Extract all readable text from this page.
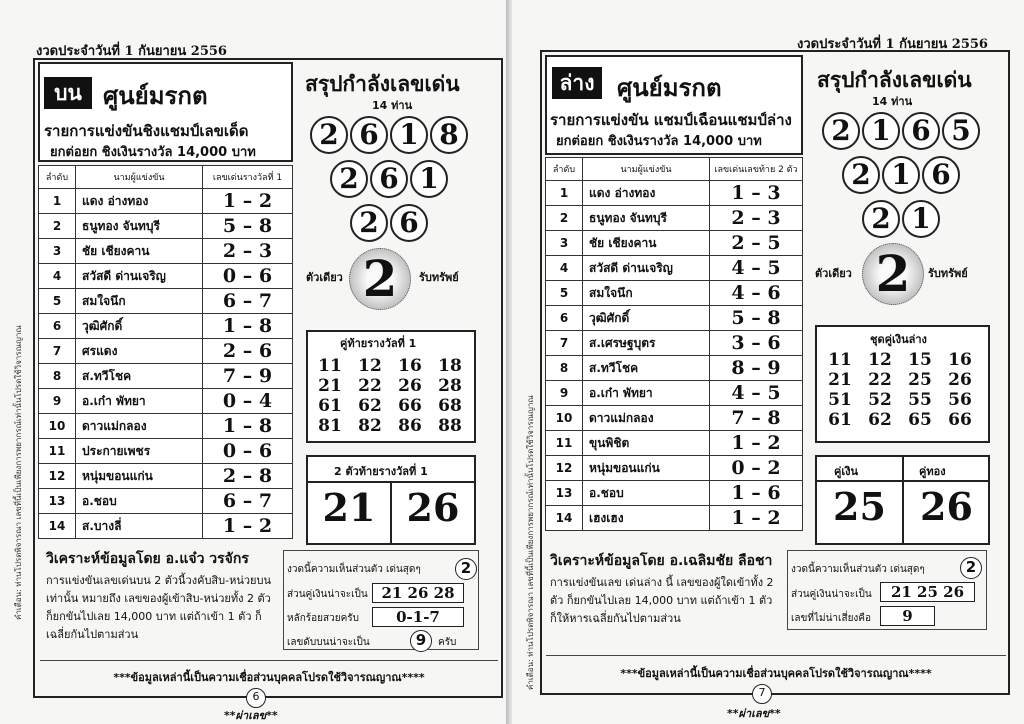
งวดประจำวันที่ 1 กันยายน 2556
คำเตือน: ท่านโปรดพิจารณา เลขที่นี้เป็นเพียงการพยากรณ์เท่านั้นโปรดใช้วิจารณญาณ
บน ศูนย์มรกต
รายการแข่งขันชิงแชมป์เลขเด็ด
ยกต่อยก ชิงเงินรางวัล 14,000 บาท
ลำดับ	นามผู้แข่งขัน	เลขเด่นรางวัลที่ 1
1	แดง อ่างทอง	1 – 2
2	ธนูทอง จันทบุรี	5 – 8
3	ชัย เชียงคาน	2 – 3
4	สวัสดี ด่านเจริญ	0 – 6
5	สมใจนึก	6 – 7
6	วุฒิศักดิ์	1 – 8
7	ศรแดง	2 – 6
8	ส.ทวีโชค	7 – 9
9	อ.เก๋า พัทยา	0 – 4
10	ดาวแม่กลอง	1 – 8
11	ประกายเพชร	0 – 6
12	หนุ่มขอนแก่น	2 – 8
13	อ.ชอบ	6 – 7
14	ส.บางลี่	1 – 2
สรุปกำลังเลขเด่น
14 ท่าน
2 6 1 8
2 6 1
2 6
ตัวเดียว 2	รับทรัพย์
คู่ท้ายรางวัลที่ 1
11	12	16	18
21	22	26	28
61	62	66	68
81	82	86	88
2 ตัวท้ายรางวัลที่ 1
21 26
วิเคราะห์ข้อมูลโดย อ.แจ๋ว วรจักร
การแข่งขันเลขเด่นบน 2 ตัวนี้วงคับสิบ-หน่วยบนเท่านั้น หมายถึง เลขของผู้เข้าสิบ-หน่วยทั้ง 2 ตัว ก็ยกขันไปเลย 14,000 บาท แต่ถ้าเข้า 1 ตัว ก็เฉลี่ยกันไปตามส่วน
งวดนี้ความเห็นส่วนตัว เด่นสุดๆ	2
ส่วนคู่เงินน่าจะเป็น 21 26 28
หลักร้อยสวยครับ	0-1-7
เลขดับบนน่าจะเป็น	9	ครับ
***ข้อมูลเหล่านี้เป็นความเชื่อส่วนบุคคลโปรดใช้วิจารณญาณ****
6
**ผ่าเลข**
งวดประจำวันที่ 1 กันยายน 2556
คำเตือน: ท่านโปรดพิจารณา เลขที่นี้เป็นเพียงการพยากรณ์เท่านั้นโปรดใช้วิจารณญาณ
ล่าง ศูนย์มรกต
รายการแข่งขัน แชมป์เฉือนแชมป์ล่าง
ยกต่อยก ชิงเงินรางวัล 14,000 บาท
ลำดับ	นามผู้แข่งขัน	เลขเด่นเลขท้าย 2 ตัว
1	แดง อ่างทอง	1 – 3
2	ธนูทอง จันทบุรี	2 – 3
3	ชัย เชียงคาน	2 – 5
4	สวัสดี ด่านเจริญ	4 – 5
5	สมใจนึก	4 – 6
6	วุฒิศักดิ์	5 – 8
7	ส.เศรษฐบุตร	3 – 6
8	ส.ทวีโชค	8 – 9
9	อ.เก๋า พัทยา	4 – 5
10	ดาวแม่กลอง	7 – 8
11	ขุนพิชิต	1 – 2
12	หนุ่มขอนแก่น	0 – 2
13	อ.ชอบ	1 – 6
14	เฮงเฮง	1 – 2
สรุปกำลังเลขเด่น
14 ท่าน
2 1 6 5
2 1 6
2 1
ตัวเดียว 2	รับทรัพย์
ชุดคู่เงินล่าง
11	12	15	16
21	22	25	26
51	52	55	56
61	62	65	66
คู่เงิน	คู่ทอง
25 26
วิเคราะห์ข้อมูลโดย อ.เฉลิมชัย ลือชา
การแข่งขันเลข เด่นล่าง นี้ เลขของผู้ใดเข้าทั้ง 2 ตัว ก็ยกขันไปเลย 14,000 บาท แต่ถ้าเข้า 1 ตัว ก็ให้หารเฉลี่ยกันไปตามส่วน
งวดนี้ความเห็นส่วนตัว เด่นสุดๆ	2
ส่วนคู่เงินน่าจะเป็น	21 25 26
เลขที่ไม่น่าเสี่ยงคือ	9
***ข้อมูลเหล่านี้เป็นความเชื่อส่วนบุคคลโปรดใช้วิจารณญาณ****
7
**ผ่าเลข**
